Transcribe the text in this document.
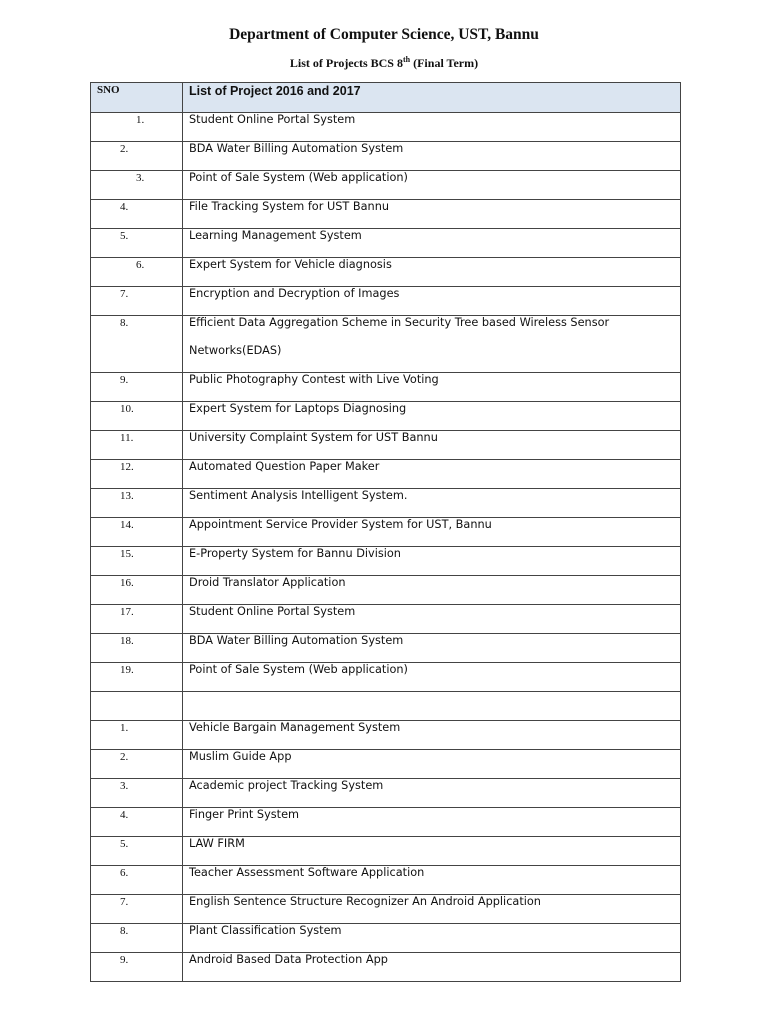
Department of Computer Science, UST, Bannu
List of Projects BCS 8th (Final Term)
SNO	List of Project 2016 and 2017

1.	Student Online Portal System

2.	BDA Water Billing Automation System

3.	Point of Sale System (Web application)

4.	File Tracking System for UST Bannu

5.	Learning Management System

6.	Expert System for Vehicle diagnosis

7.	Encryption and Decryption of Images

8.	Efficient Data Aggregation Scheme in Security Tree based Wireless Sensor Networks(EDAS)

9.	Public Photography Contest with Live Voting

10.	Expert System for Laptops Diagnosing

11.	University Complaint System for UST Bannu

12.	Automated Question Paper Maker

13.	Sentiment Analysis Intelligent System.

14.	Appointment Service Provider System for UST, Bannu

15.	E-Property System for Bannu Division

16.	Droid Translator Application

17.	Student Online Portal System

18.	BDA Water Billing Automation System

19.	Point of Sale System (Web application)

1.	Vehicle Bargain Management System

2.	Muslim Guide App

3.	Academic project Tracking System

4.	Finger Print System

5.	LAW FIRM

6.	Teacher Assessment Software Application

7.	English Sentence Structure Recognizer An Android Application

8.	Plant Classification System

9.	Android Based Data Protection App
